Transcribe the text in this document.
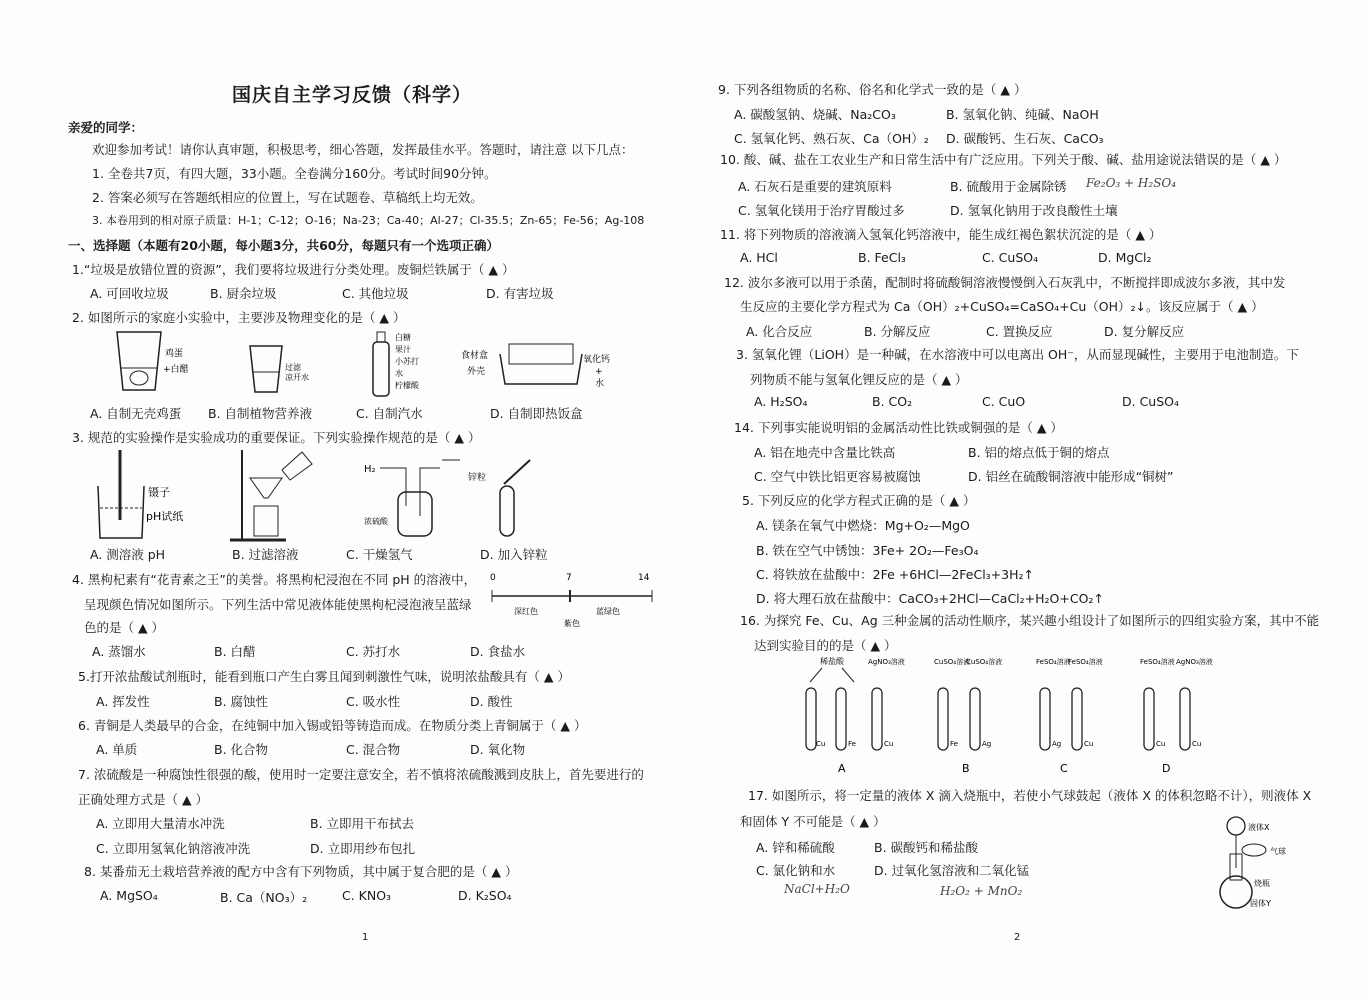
国庆自主学习反馈（科学）
亲爱的同学：
欢迎参加考试！请你认真审题，积极思考，细心答题，发挥最佳水平。答题时，请注意 以下几点：
1. 全卷共7页，有四大题，33小题。全卷满分160分。考试时间90分钟。
2. 答案必须写在答题纸相应的位置上，写在试题卷、草稿纸上均无效。
3. 本卷用到的相对原子质量：H-1；C-12；O-16；Na-23；Ca-40；Al-27；Cl-35.5；Zn-65；Fe-56；Ag-108
一、选择题（本题有20小题，每小题3分，共60分，每题只有一个选项正确）
1.“垃圾是放错位置的资源”，我们要将垃圾进行分类处理。废铜烂铁属于（ ▲ ）
A. 可回收垃圾	B. 厨余垃圾	C. 其他垃圾	D. 有害垃圾
2. 如图所示的家庭小实验中，主要涉及物理变化的是（ ▲ ）
鸡蛋
+白醋	过滤
凉开水
白糖
果汁
小苏打
水
柠檬酸
食材盒
外壳
氧化钙
+
水
A. 自制无壳鸡蛋 B. 自制植物营养液	C. 自制汽水	D. 自制即热饭盒
3. 规范的实验操作是实验成功的重要保证。下列实验操作规范的是（ ▲ ）
镊子
pH试纸
H₂
浓硫酸
锌粒
A. 测溶液 pH	B. 过滤溶液	C. 干燥氢气	D. 加入锌粒
4. 黑枸杞素有“花青素之王”的美誉。将黑枸杞浸泡在不同 pH 的溶液中，
呈现颜色情况如图所示。下列生活中常见液体能使黑枸杞浸泡液呈蓝绿
色的是（ ▲ ）
0	7	14
深红色
紫色
蓝绿色
A. 蒸馏水	B. 白醋	C. 苏打水	D. 食盐水
5.打开浓盐酸试剂瓶时，能看到瓶口产生白雾且闻到刺激性气味，说明浓盐酸具有（ ▲ ）
A. 挥发性	B. 腐蚀性	C. 吸水性	D. 酸性
6. 青铜是人类最早的合金，在纯铜中加入锡或铅等铸造而成。在物质分类上青铜属于（ ▲ ）
A. 单质	B. 化合物	C. 混合物	D. 氧化物
7. 浓硫酸是一种腐蚀性很强的酸，使用时一定要注意安全，若不慎将浓硫酸溅到皮肤上，首先要进行的
正确处理方式是（ ▲ ）
A. 立即用大量清水冲洗	B. 立即用干布拭去
C. 立即用氢氧化钠溶液冲洗	D. 立即用纱布包扎
8. 某番茄无土栽培营养液的配方中含有下列物质，其中属于复合肥的是（ ▲ ）
A. MgSO₄	B. Ca（NO₃）₂	C. KNO₃	D. K₂SO₄
1
9. 下列各组物质的名称、俗名和化学式一致的是（ ▲ ）
A. 碳酸氢钠、烧碱、Na₂CO₃	B. 氢氧化钠、纯碱、NaOH
C. 氢氧化钙、熟石灰、Ca（OH）₂ D. 碳酸钙、生石灰、CaCO₃
10. 酸、碱、盐在工农业生产和日常生活中有广泛应用。下列关于酸、碱、盐用途说法错误的是（ ▲ ）
A. 石灰石是重要的建筑原料	B. 硫酸用于金属除锈 Fe₂O₃ + H₂SO₄
C. 氢氧化镁用于治疗胃酸过多	D. 氢氧化钠用于改良酸性土壤
11. 将下列物质的溶液滴入氢氧化钙溶液中，能生成红褐色絮状沉淀的是（ ▲ ）
A. HCl	B. FeCl₃	C. CuSO₄	D. MgCl₂
12. 波尔多液可以用于杀菌，配制时将硫酸铜溶液慢慢倒入石灰乳中，不断搅拌即成波尔多液，其中发
生反应的主要化学方程式为 Ca（OH）₂+CuSO₄=CaSO₄+Cu（OH）₂↓。该反应属于（ ▲ ）
A. 化合反应	B. 分解反应	C. 置换反应	D. 复分解反应
3. 氢氧化锂（LiOH）是一种碱，在水溶液中可以电离出 OH⁻，从而显现碱性，主要用于电池制造。下
列物质不能与氢氧化锂反应的是（ ▲ ）
A. H₂SO₄	B. CO₂	C. CuO	D. CuSO₄
14. 下列事实能说明铝的金属活动性比铁或铜强的是（ ▲ ）
A. 铝在地壳中含量比铁高	B. 铝的熔点低于铜的熔点
C. 空气中铁比铝更容易被腐蚀	D. 铝丝在硫酸铜溶液中能形成“铜树”
5. 下列反应的化学方程式正确的是（ ▲ ）
A. 镁条在氧气中燃烧：Mg+O₂—MgO
B. 铁在空气中锈蚀：3Fe+ 2O₂—Fe₃O₄
C. 将铁放在盐酸中：2Fe +6HCl—2FeCl₃+3H₂↑
D. 将大理石放在盐酸中：CaCO₃+2HCl—CaCl₂+H₂O+CO₂↑
16. 为探究 Fe、Cu、Ag 三种金属的活动性顺序，某兴趣小组设计了如图所示的四组实验方案，其中不能
达到实验目的的是（ ▲ ）
稀盐酸	AgNO₃溶液
Cu	Fe	Cu
A
CuSO₄溶液
CuSO₄溶液
Fe	Ag
B
FeSO₄溶液
FeSO₄溶液
Ag	Cu
C
FeSO₄溶液 AgNO₃溶液
Cu	Cu
D
17. 如图所示，将一定量的液体 X 滴入烧瓶中，若使小气球鼓起（液体 X 的体积忽略不计），则液体 X
和固体 Y 不可能是（ ▲ ）
A. 锌和稀硫酸	B. 碳酸钙和稀盐酸
C. 氯化钠和水	D. 过氧化氢溶液和二氧化锰
NaCl+H₂O	H₂O₂ + MnO₂
液体X
气球
烧瓶
固体Y
2
